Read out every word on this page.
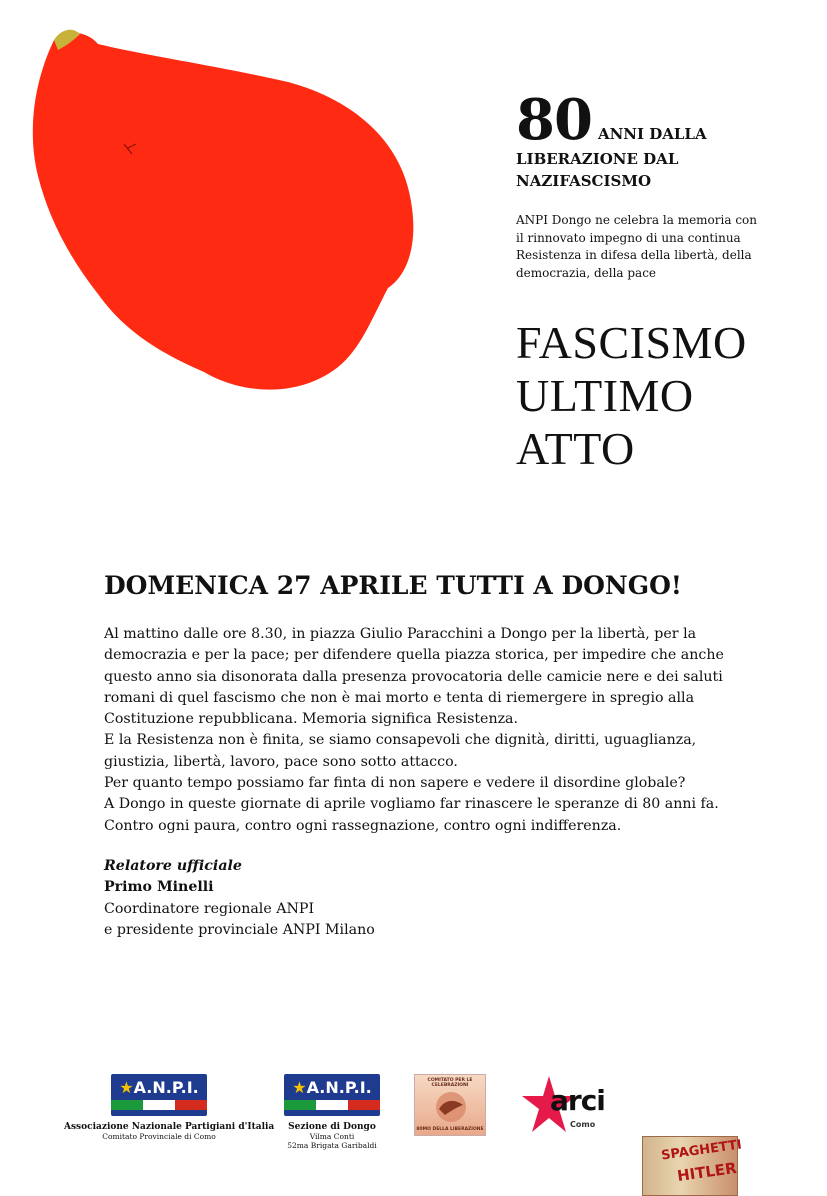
80 ANNI DALLA
LIBERAZIONE DAL
NAZIFASCISMO
ANPI Dongo ne celebra la memoria con
il rinnovato impegno di una continua
Resistenza in difesa della libertà, della
democrazia, della pace
FASCISMO
ULTIMO
ATTO
DOMENICA 27 APRILE TUTTI A DONGO!

Al mattino dalle ore 8.30, in piazza Giulio Paracchini a Dongo per la libertà, per la

democrazia e per la pace; per difendere quella piazza storica, per impedire che anche

questo anno sia disonorata dalla presenza provocatoria delle camicie nere e dei saluti

romani di quel fascismo che non è mai morto e tenta di riemergere in spregio alla

Costituzione repubblicana. Memoria significa Resistenza.

E la Resistenza non è finita, se siamo consapevoli che dignità, diritti, uguaglianza,

giustizia, libertà, lavoro, pace sono sotto attacco.

Per quanto tempo possiamo far finta di non sapere e vedere il disordine globale?

A Dongo in queste giornate di aprile vogliamo far rinascere le speranze di 80 anni fa.

Contro ogni paura, contro ogni rassegnazione, contro ogni indifferenza.

Relatore ufficiale
Primo Minelli
Coordinatore regionale ANPI
e presidente provinciale ANPI Milano
★A.N.P.I.
Associazione Nazionale Partigiani d'Italia
Comitato Provinciale di Como
★A.N.P.I.
Sezione di Dongo
Vilma Conti
52ma Brigata Garibaldi
COMITATO PER LE CELEBRAZIONI
80MO DELLA LIBERAZIONE
arci
Como
SPAGHETTI
HITLER
